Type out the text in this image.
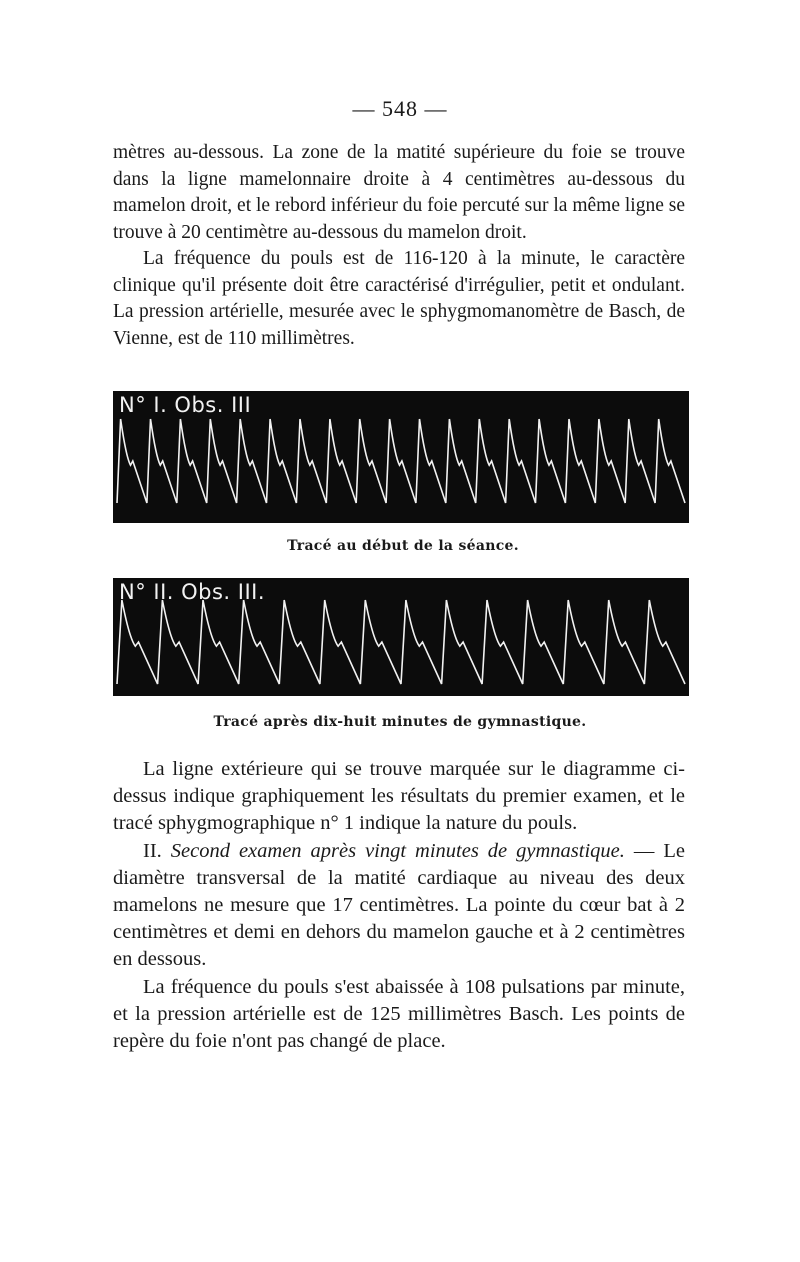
— 548 —

mètres au-dessous. La zone de la matité supérieure du foie se trouve dans la ligne mamelonnaire droite à 4 centimètres au-dessous du mamelon droit, et le rebord inférieur du foie percuté sur la même ligne se trouve à 20 centimètre au-dessous du mamelon droit.

La fréquence du pouls est de 116-120 à la minute, le caractère clinique qu'il présente doit être caractérisé d'irrégulier, petit et ondulant. La pression artérielle, mesurée avec le sphygmomanomètre de Basch, de Vienne, est de 110 millimètres.

N° I. Obs. III
Tracé au début de la séance.
N° II. Obs. III.
Tracé après dix-huit minutes de gymnastique.

La ligne extérieure qui se trouve marquée sur le diagramme ci-dessus indique graphiquement les résultats du premier examen, et le tracé sphygmographique n° 1 indique la nature du pouls.

II. Second examen après vingt minutes de gymnastique. — Le diamètre transversal de la matité cardiaque au niveau des deux mamelons ne mesure que 17 centimètres. La pointe du cœur bat à 2 centimètres et demi en dehors du mamelon gauche et à 2 centimètres en dessous.

La fréquence du pouls s'est abaissée à 108 pulsations par minute, et la pression artérielle est de 125 millimètres Basch. Les points de repère du foie n'ont pas changé de place.
